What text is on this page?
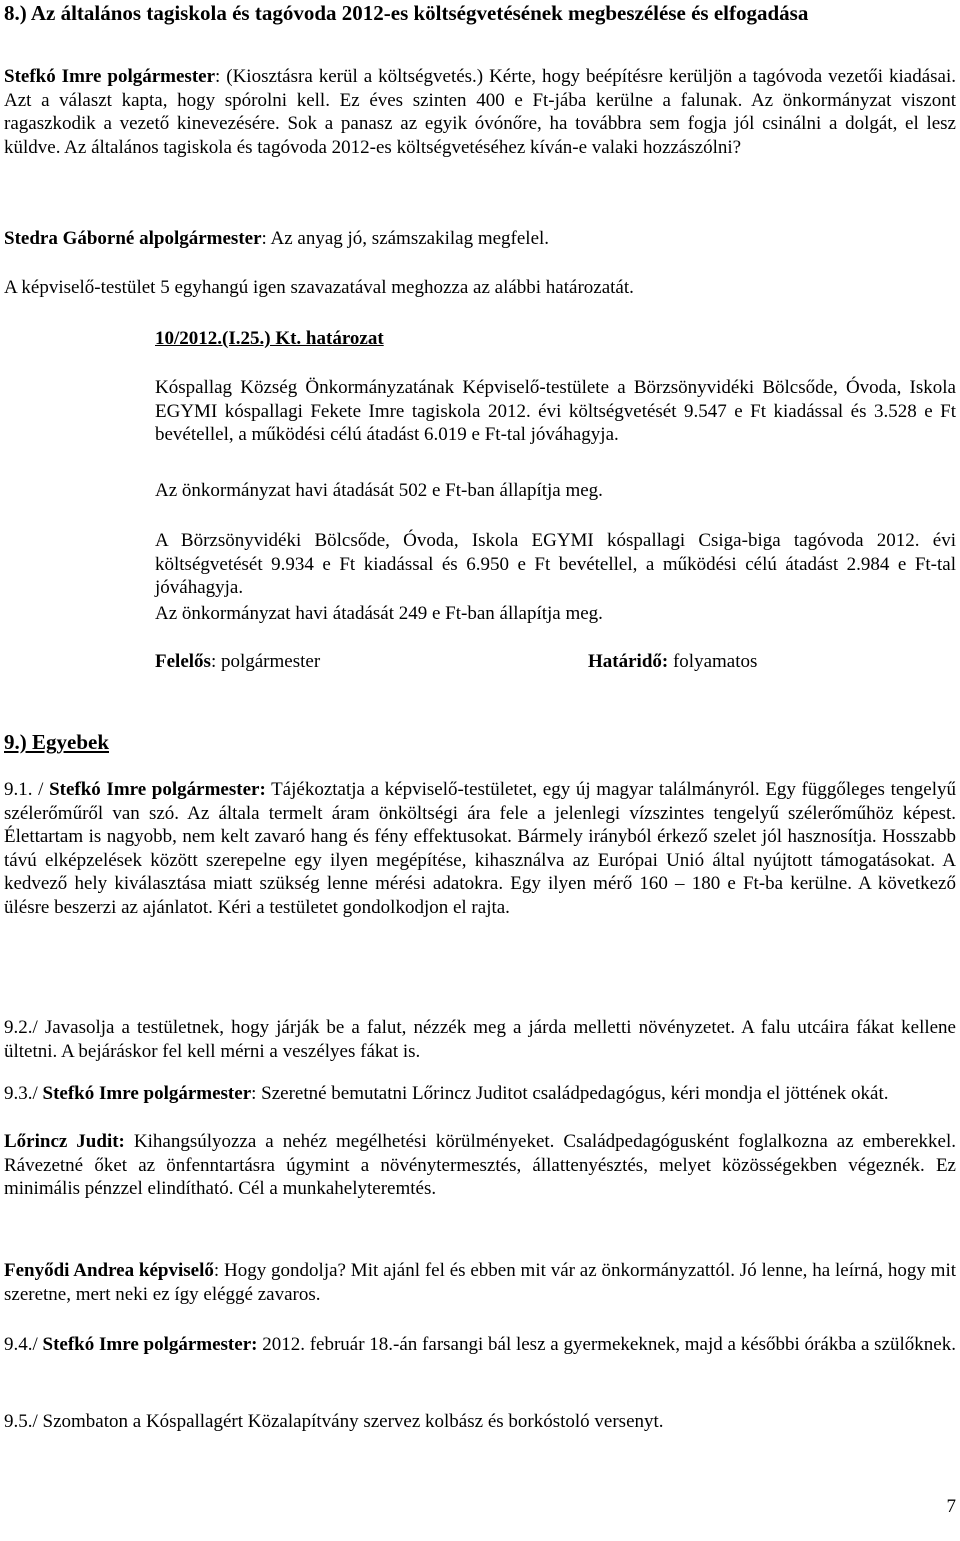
8.) Az általános tagiskola és tagóvoda 2012-es költségvetésének megbeszélése és elfogadása

Stefkó Imre polgármester: (Kiosztásra kerül a költségvetés.) Kérte, hogy beépítésre kerüljön a tagóvoda vezetői kiadásai. Azt a választ kapta, hogy spórolni kell. Ez éves szinten 400 e Ft-jába kerülne a falunak. Az önkormányzat viszont ragaszkodik a vezető kinevezésére. Sok a panasz az egyik óvónőre, ha továbbra sem fogja jól csinálni a dolgát, el lesz küldve. Az általános tagiskola és tagóvoda 2012-es költségvetéséhez kíván-e valaki hozzászólni?

Stedra Gáborné alpolgármester: Az anyag jó, számszakilag megfelel.

A képviselő-testület 5 egyhangú igen szavazatával meghozza az alábbi határozatát.

10/2012.(I.25.) Kt. határozat

Kóspallag Község Önkormányzatának Képviselő-testülete a Börzsönyvidéki Bölcsőde, Óvoda, Iskola EGYMI kóspallagi Fekete Imre tagiskola 2012. évi költségvetését 9.547 e Ft kiadással és 3.528 e Ft bevétellel, a működési célú átadást 6.019 e Ft-tal jóváhagyja.

Az önkormányzat havi átadását 502 e Ft-ban állapítja meg.

A Börzsönyvidéki Bölcsőde, Óvoda, Iskola EGYMI kóspallagi Csiga-biga tagóvoda 2012. évi költségvetését 9.934 e Ft kiadással és 6.950 e Ft bevétellel, a működési célú átadást 2.984 e Ft-tal jóváhagyja.

Az önkormányzat havi átadását 249 e Ft-ban állapítja meg.

Felelős: polgármester	Határidő: folyamatos
9.) Egyebek

9.1. / Stefkó Imre polgármester: Tájékoztatja a képviselő-testületet, egy új magyar találmányról. Egy függőleges tengelyű szélerőműről van szó. Az általa termelt áram önköltségi ára fele a jelenlegi vízszintes tengelyű szélerőműhöz képest. Élettartam is nagyobb, nem kelt zavaró hang és fény effektusokat. Bármely irányból érkező szelet jól hasznosítja. Hosszabb távú elképzelések között szerepelne egy ilyen megépítése, kihasználva az Európai Unió által nyújtott támogatásokat. A kedvező hely kiválasztása miatt szükség lenne mérési adatokra. Egy ilyen mérő 160 – 180 e Ft-ba kerülne. A következő ülésre beszerzi az ajánlatot. Kéri a testületet gondolkodjon el rajta.

9.2./ Javasolja a testületnek, hogy járják be a falut, nézzék meg a járda melletti növényzetet. A falu utcáira fákat kellene ültetni. A bejáráskor fel kell mérni a veszélyes fákat is.

9.3./ Stefkó Imre polgármester: Szeretné bemutatni Lőrincz Juditot családpedagógus, kéri mondja el jöttének okát.

Lőrincz Judit: Kihangsúlyozza a nehéz megélhetési körülményeket. Családpedagógusként foglalkozna az emberekkel. Rávezetné őket az önfenntartásra úgymint a növénytermesztés, állattenyésztés, melyet közösségekben végeznék. Ez minimális pénzzel elindítható. Cél a munkahelyteremtés.

Fenyődi Andrea képviselő: Hogy gondolja? Mit ajánl fel és ebben mit vár az önkormányzattól. Jó lenne, ha leírná, hogy mit szeretne, mert neki ez így eléggé zavaros.

9.4./ Stefkó Imre polgármester: 2012. február 18.-án farsangi bál lesz a gyermekeknek, majd a későbbi órákba a szülőknek.

9.5./ Szombaton a Kóspallagért Közalapítvány szervez kolbász és borkóstoló versenyt.

7
